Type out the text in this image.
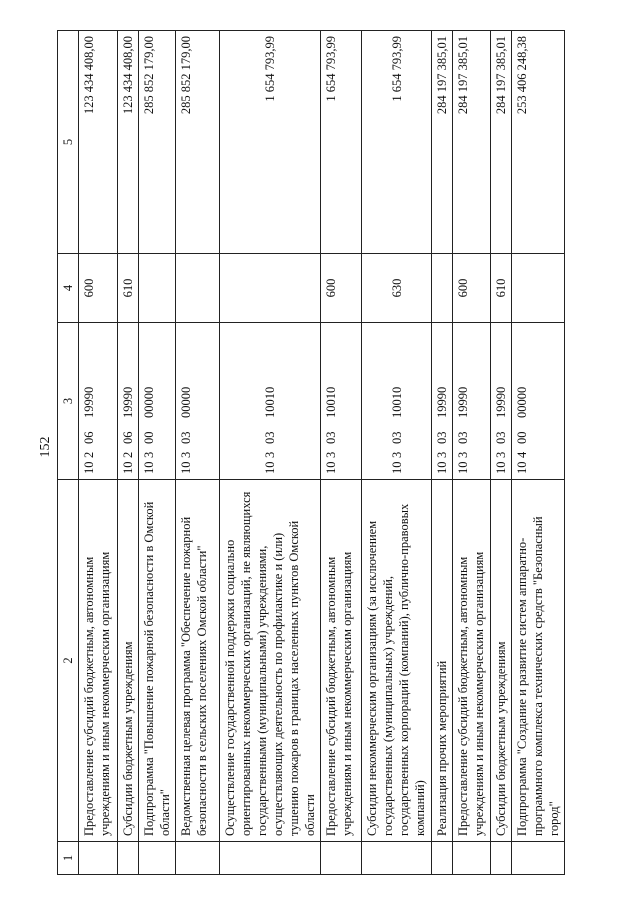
152
1	2	3	4	5
	Предоставление субсидий бюджетным, автономным учреждениям и иным некоммерческим организациям	1020619990	600	123 434 408,00
	Субсидии бюджетным учреждениям	1020619990	610	123 434 408,00
	Подпрограмма "Повышение пожарной безопасности в Омской области"	1030000000		285 852 179,00
	Ведомственная целевая программа "Обеспечение пожарной безопасности в сельских поселениях Омской области"	1030300000		285 852 179,00
	Осуществление государственной поддержки социально ориентированных некоммерческих организаций, не являющихся государственными (муниципальными) учреждениями, осуществляющих деятельность по профилактике и (или) тушению пожаров в границах населенных пунктов Омской области	1030310010		1 654 793,99
	Предоставление субсидий бюджетным, автономным учреждениям и иным некоммерческим организациям	1030310010	600	1 654 793,99
	Субсидии некоммерческим организациям (за исключением государственных (муниципальных) учреждений, государственных корпораций (компаний), публично-правовых компаний)	1030310010	630	1 654 793,99
	Реализация прочих мероприятий	1030319990		284 197 385,01
	Предоставление субсидий бюджетным, автономным учреждениям и иным некоммерческим организациям	1030319990	600	284 197 385,01
	Субсидии бюджетным учреждениям	1030319990	610	284 197 385,01
	Подпрограмма "Создание и развитие систем аппаратно-программного комплекса технических средств "Безопасный город"	1040000000		253 406 248,38
